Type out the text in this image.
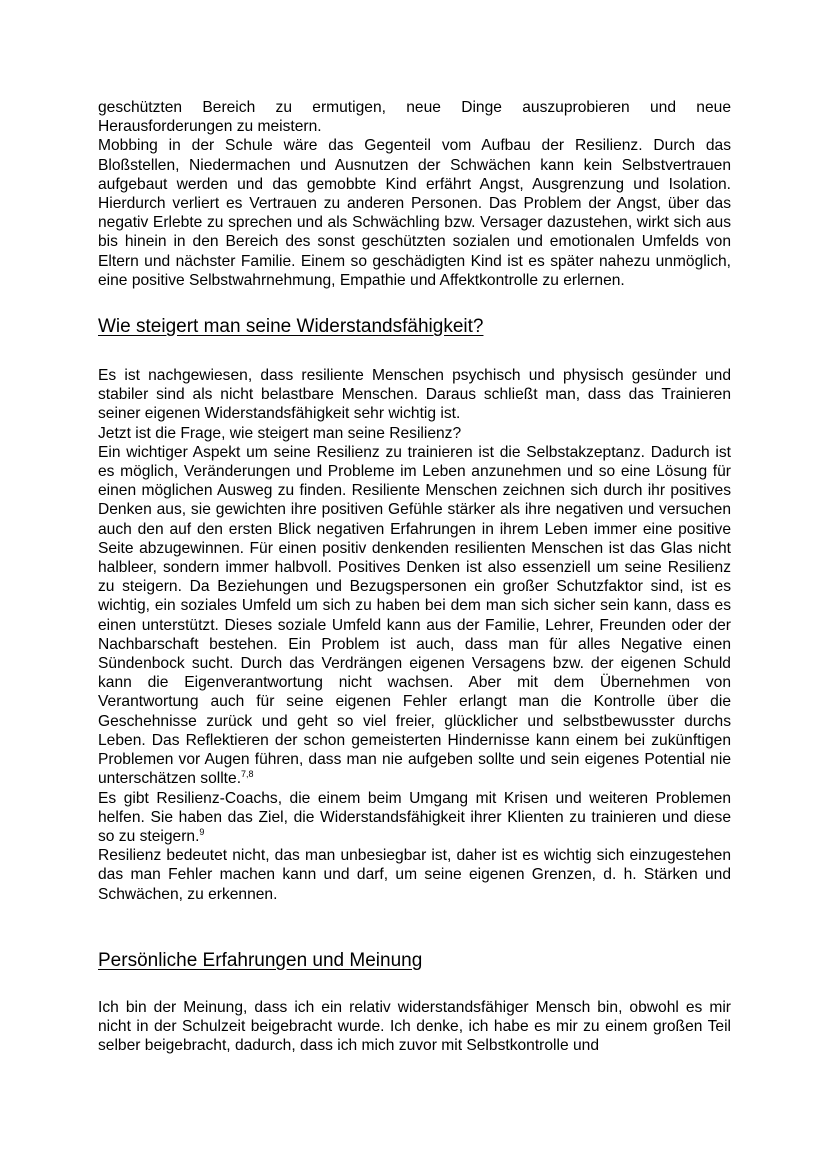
geschützten Bereich zu ermutigen, neue Dinge auszuprobieren und neue Herausforderungen zu meistern.

Mobbing in der Schule wäre das Gegenteil vom Aufbau der Resilienz. Durch das Bloßstellen, Niedermachen und Ausnutzen der Schwächen kann kein Selbstvertrauen aufgebaut werden und das gemobbte Kind erfährt Angst, Ausgrenzung und Isolation. Hierdurch verliert es Vertrauen zu anderen Personen. Das Problem der Angst, über das negativ Erlebte zu sprechen und als Schwächling bzw. Versager dazustehen, wirkt sich aus bis hinein in den Bereich des sonst geschützten sozialen und emotionalen Umfelds von Eltern und nächster Familie. Einem so geschädigten Kind ist es später nahezu unmöglich, eine positive Selbstwahrnehmung, Empathie und Affektkontrolle zu erlernen.

Wie steigert man seine Widerstandsfähigkeit?

Es ist nachgewiesen, dass resiliente Menschen psychisch und physisch gesünder und stabiler sind als nicht belastbare Menschen. Daraus schließt man, dass das Trainieren seiner eigenen Widerstandsfähigkeit sehr wichtig ist.

Jetzt ist die Frage, wie steigert man seine Resilienz?

Ein wichtiger Aspekt um seine Resilienz zu trainieren ist die Selbstakzeptanz. Dadurch ist es möglich, Veränderungen und Probleme im Leben anzunehmen und so eine Lösung für einen möglichen Ausweg zu finden. Resiliente Menschen zeichnen sich durch ihr positives Denken aus, sie gewichten ihre positiven Gefühle stärker als ihre negativen und versuchen auch den auf den ersten Blick negativen Erfahrungen in ihrem Leben immer eine positive Seite abzugewinnen. Für einen positiv denkenden resilienten Menschen ist das Glas nicht halbleer, sondern immer halbvoll. Positives Denken ist also essenziell um seine Resilienz zu steigern. Da Beziehungen und Bezugspersonen ein großer Schutzfaktor sind, ist es wichtig, ein soziales Umfeld um sich zu haben bei dem man sich sicher sein kann, dass es einen unterstützt. Dieses soziale Umfeld kann aus der Familie, Lehrer, Freunden oder der Nachbarschaft bestehen. Ein Problem ist auch, dass man für alles Negative einen Sündenbock sucht. Durch das Verdrängen eigenen Versagens bzw. der eigenen Schuld kann die Eigenverantwortung nicht wachsen. Aber mit dem Übernehmen von Verantwortung auch für seine eigenen Fehler erlangt man die Kontrolle über die Geschehnisse zurück und geht so viel freier, glücklicher und selbstbewusster durchs Leben. Das Reflektieren der schon gemeisterten Hindernisse kann einem bei zukünftigen Problemen vor Augen führen, dass man nie aufgeben sollte und sein eigenes Potential nie unterschätzen sollte.$^{7,8}$

Es gibt Resilienz-Coachs, die einem beim Umgang mit Krisen und weiteren Problemen helfen. Sie haben das Ziel, die Widerstandsfähigkeit ihrer Klienten zu trainieren und diese so zu steigern.$^9$

Resilienz bedeutet nicht, das man unbesiegbar ist, daher ist es wichtig sich einzugestehen das man Fehler machen kann und darf, um seine eigenen Grenzen, d. h. Stärken und Schwächen, zu erkennen.

Persönliche Erfahrungen und Meinung

Ich bin der Meinung, dass ich ein relativ widerstandsfähiger Mensch bin, obwohl es mir nicht in der Schulzeit beigebracht wurde. Ich denke, ich habe es mir zu einem großen Teil selber beigebracht, dadurch, dass ich mich zuvor mit Selbstkontrolle und
